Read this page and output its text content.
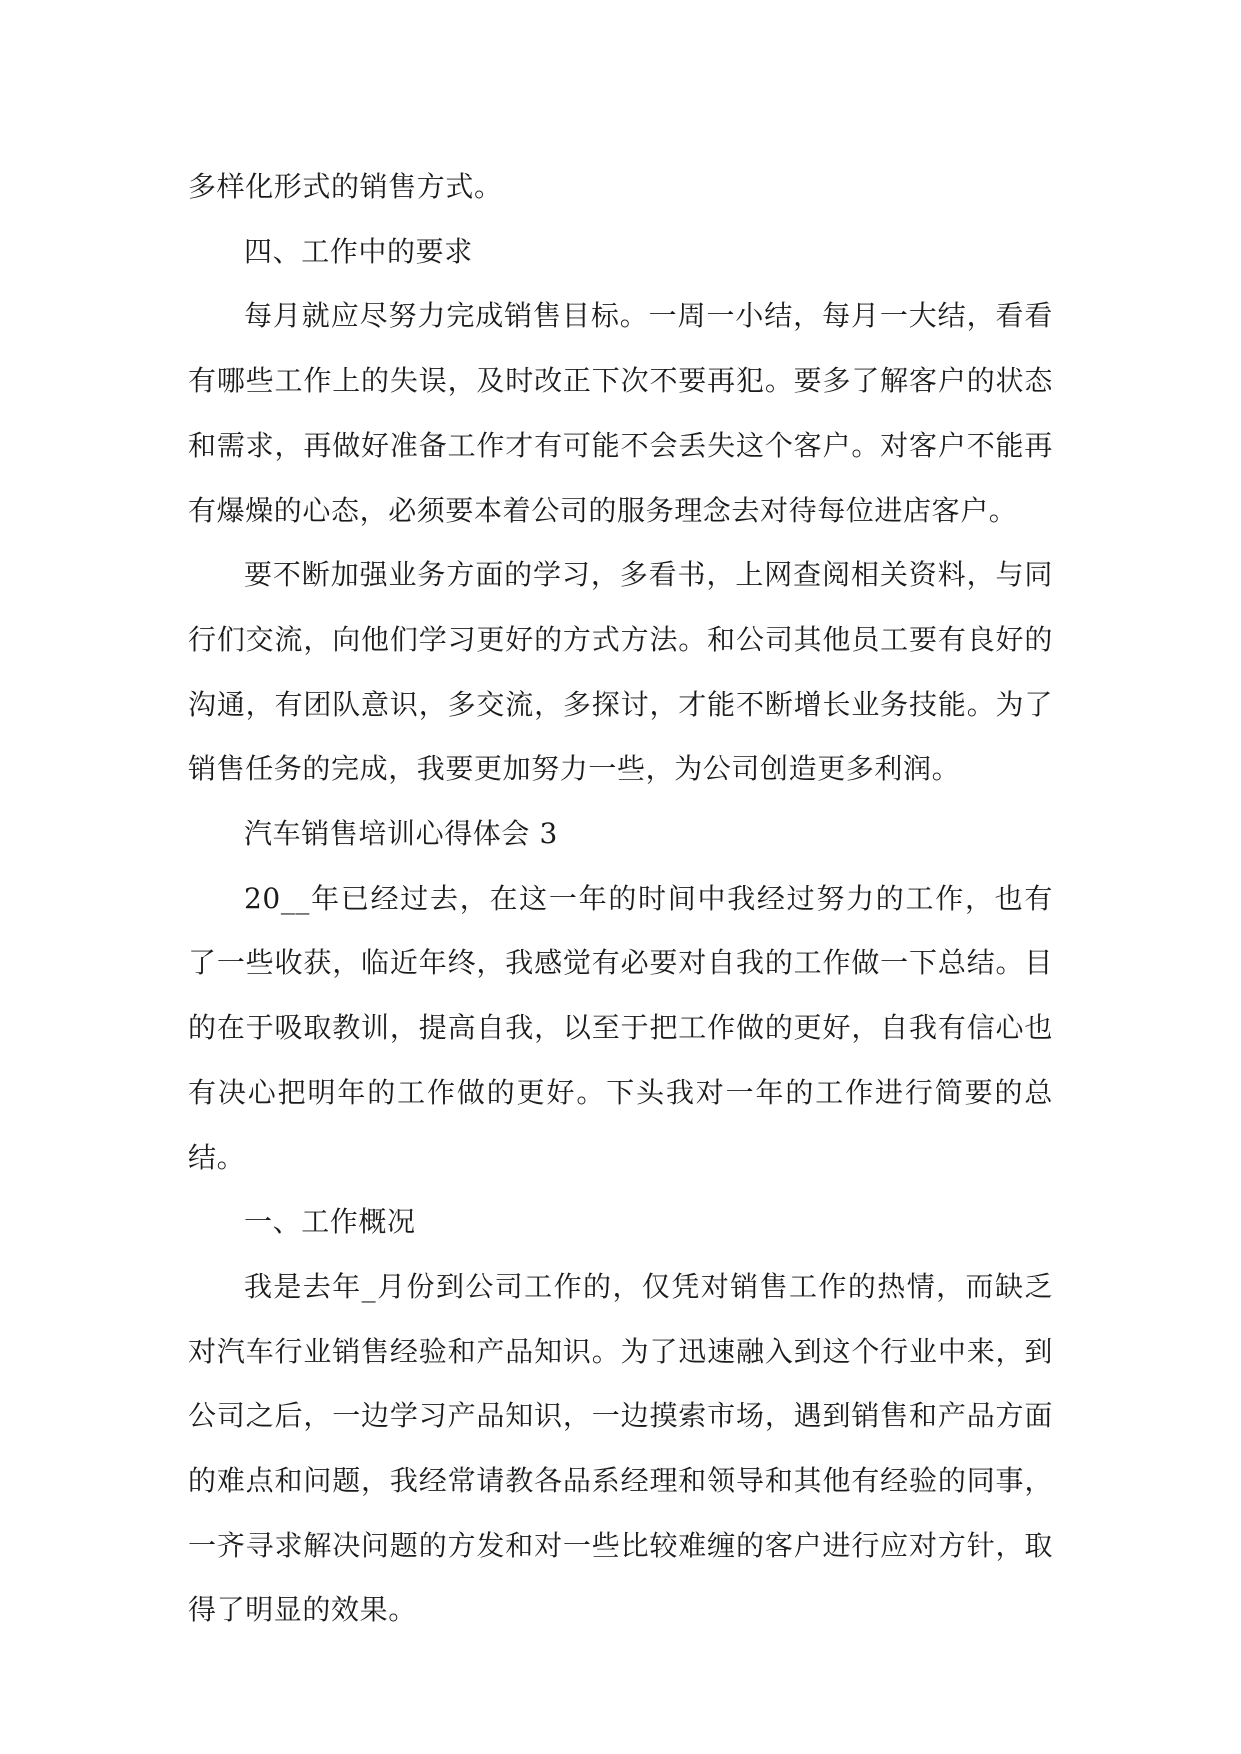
多样化形式的销售方式。

四、工作中的要求

每月就应尽努力完成销售目标。一周一小结，每月一大结，看看有哪些工作上的失误，及时改正下次不要再犯。要多了解客户的状态和需求，再做好准备工作才有可能不会丢失这个客户。对客户不能再有爆燥的心态，必须要本着公司的服务理念去对待每位进店客户。

要不断加强业务方面的学习，多看书，上网查阅相关资料，与同行们交流，向他们学习更好的方式方法。和公司其他员工要有良好的沟通，有团队意识，多交流，多探讨，才能不断增长业务技能。为了销售任务的完成，我要更加努力一些，为公司创造更多利润。

汽车销售培训心得体会 3

20__年已经过去，在这一年的时间中我经过努力的工作，也有了一些收获，临近年终，我感觉有必要对自我的工作做一下总结。目的在于吸取教训，提高自我，以至于把工作做的更好，自我有信心也有决心把明年的工作做的更好。下头我对一年的工作进行简要的总结。

一、工作概况

我是去年_月份到公司工作的，仅凭对销售工作的热情，而缺乏对汽车行业销售经验和产品知识。为了迅速融入到这个行业中来，到公司之后，一边学习产品知识，一边摸索市场，遇到销售和产品方面的难点和问题，我经常请教各品系经理和领导和其他有经验的同事，一齐寻求解决问题的方发和对一些比较难缠的客户进行应对方针，取得了明显的效果。
